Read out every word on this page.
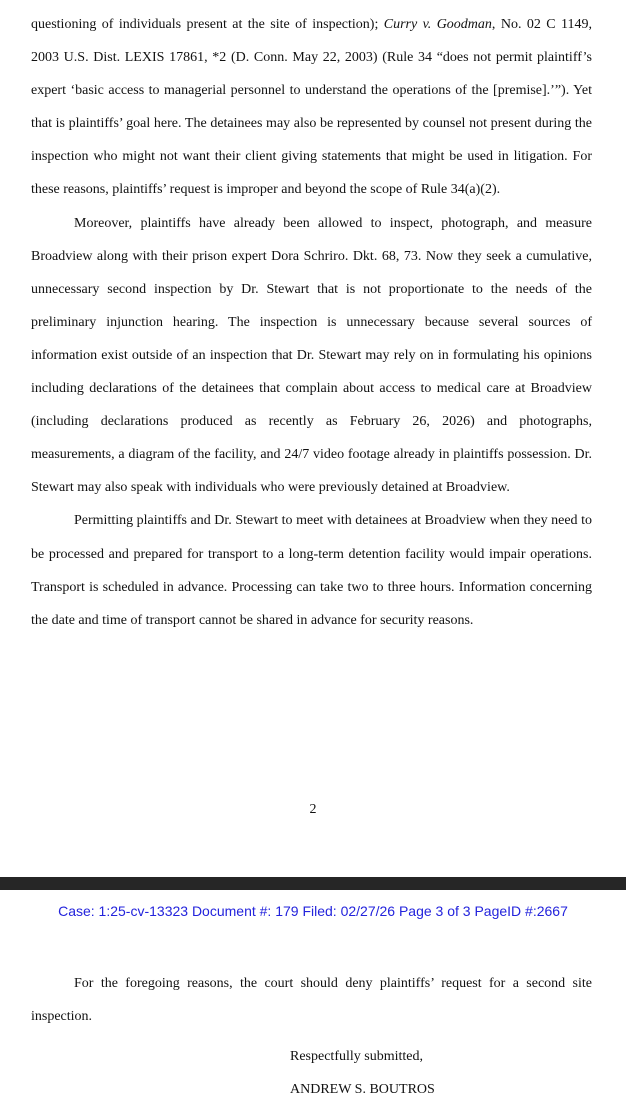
questioning of individuals present at the site of inspection); Curry v. Goodman, No. 02 C 1149, 2003 U.S. Dist. LEXIS 17861, *2 (D. Conn. May 22, 2003) (Rule 34 “does not permit plaintiff’s expert ‘basic access to managerial personnel to understand the operations of the [premise].’”). Yet that is plaintiffs’ goal here. The detainees may also be represented by counsel not present during the inspection who might not want their client giving statements that might be used in litigation. For these reasons, plaintiffs’ request is improper and beyond the scope of Rule 34(a)(2).

Moreover, plaintiffs have already been allowed to inspect, photograph, and measure Broadview along with their prison expert Dora Schriro. Dkt. 68, 73. Now they seek a cumulative, unnecessary second inspection by Dr. Stewart that is not proportionate to the needs of the preliminary injunction hearing. The inspection is unnecessary because several sources of information exist outside of an inspection that Dr. Stewart may rely on in formulating his opinions including declarations of the detainees that complain about access to medical care at Broadview (including declarations produced as recently as February 26, 2026) and photographs, measurements, a diagram of the facility, and 24/7 video footage already in plaintiffs possession. Dr. Stewart may also speak with individuals who were previously detained at Broadview.

Permitting plaintiffs and Dr. Stewart to meet with detainees at Broadview when they need to be processed and prepared for transport to a long-term detention facility would impair operations. Transport is scheduled in advance. Processing can take two to three hours. Information concerning the date and time of transport cannot be shared in advance for security reasons.

2
Case: 1:25-cv-13323 Document #: 179 Filed: 02/27/26 Page 3 of 3 PageID #:2667

For the foregoing reasons, the court should deny plaintiffs’ request for a second site inspection.

Respectfully submitted,
ANDREW S. BOUTROS
